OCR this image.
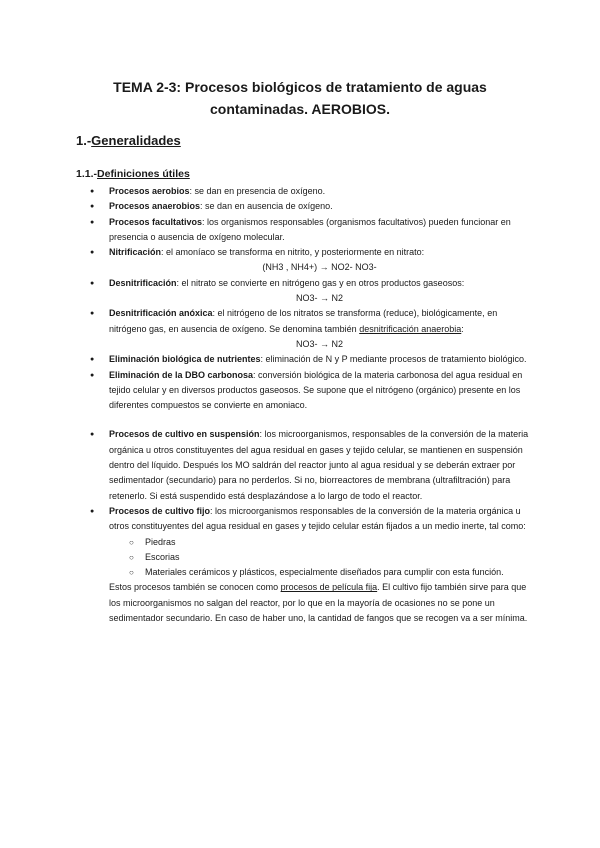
TEMA 2-3: Procesos biológicos de tratamiento de aguas
contaminadas. AEROBIOS.
1.-Generalidades
1.1.-Definiciones útiles
● Procesos aerobios: se dan en presencia de oxígeno.
● Procesos anaerobios: se dan en ausencia de oxígeno.
● Procesos facultativos: los organismos responsables (organismos facultativos) pueden funcionar en presencia o ausencia de oxígeno molecular.
● Nitrificación: el amoníaco se transforma en nitrito, y posteriormente en nitrato:
(NH3 , NH4+) → NO2- NO3-
● Desnitrificación: el nitrato se convierte en nitrógeno gas y en otros productos gaseosos:
NO3- → N2
● Desnitrificación anóxica: el nitrógeno de los nitratos se transforma (reduce), biológicamente, en nitrógeno gas, en ausencia de oxígeno. Se denomina también desnitrificación anaerobia:
NO3- → N2
● Eliminación biológica de nutrientes: eliminación de N y P mediante procesos de tratamiento biológico.
● Eliminación de la DBO carbonosa: conversión biológica de la materia carbonosa del agua residual en tejido celular y en diversos productos gaseosos. Se supone que el nitrógeno (orgánico) presente en los diferentes compuestos se convierte en amoniaco.
● Procesos de cultivo en suspensión: los microorganismos, responsables de la conversión de la materia orgánica u otros constituyentes del agua residual en gases y tejido celular, se mantienen en suspensión dentro del líquido. Después los MO saldrán del reactor junto al agua residual y se deberán extraer por sedimentador (secundario) para no perderlos. Si no, biorreactores de membrana (ultrafiltración) para retenerlo. Si está suspendido está desplazándose a lo largo de todo el reactor.
● Procesos de cultivo fijo: los microorganismos responsables de la conversión de la materia orgánica u otros constituyentes del agua residual en gases y tejido celular están fijados a un medio inerte, tal como:
○ Piedras
○ Escorias
○ Materiales cerámicos y plásticos, especialmente diseñados para cumplir con esta función.
Estos procesos también se conocen como procesos de película fija. El cultivo fijo también sirve para que los microorganismos no salgan del reactor, por lo que en la mayoría de ocasiones no se pone un sedimentador secundario. En caso de haber uno, la cantidad de fangos que se recogen va a ser mínima.
